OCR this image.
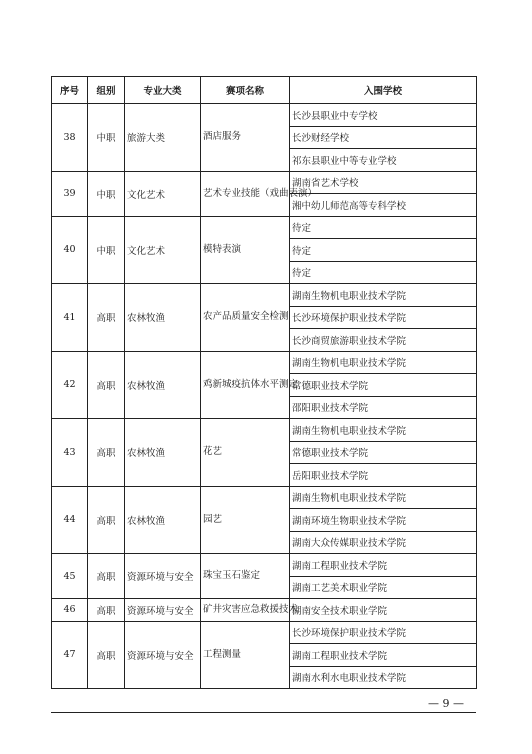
序号	组别	专业大类	赛项名称	入围学校
38	中职	旅游大类	酒店服务	长沙县职业中专学校
				长沙财经学校
				祁东县职业中等专业学校
39	中职	文化艺术	艺术专业技能（戏曲表演）	湖南省艺术学校
				湘中幼儿师范高等专科学校
40	中职	文化艺术	模特表演	待定
				待定
				待定
41	高职	农林牧渔	农产品质量安全检测	湖南生物机电职业技术学院
				长沙环境保护职业技术学院
				长沙商贸旅游职业技术学院
42	高职	农林牧渔	鸡新城疫抗体水平测定	湖南生物机电职业技术学院
				常德职业技术学院
				邵阳职业技术学院
43	高职	农林牧渔	花艺	湖南生物机电职业技术学院
				常德职业技术学院
				岳阳职业技术学院
44	高职	农林牧渔	园艺	湖南生物机电职业技术学院
				湖南环境生物职业技术学院
				湖南大众传媒职业技术学院
45	高职	资源环境与安全	珠宝玉石鉴定	湖南工程职业技术学院
				湖南工艺美术职业学院
46	高职	资源环境与安全	矿井灾害应急救援技术	湖南安全技术职业学院
47	高职	资源环境与安全	工程测量	长沙环境保护职业技术学院
				湖南工程职业技术学院
				湖南水利水电职业技术学院
— 9 —
